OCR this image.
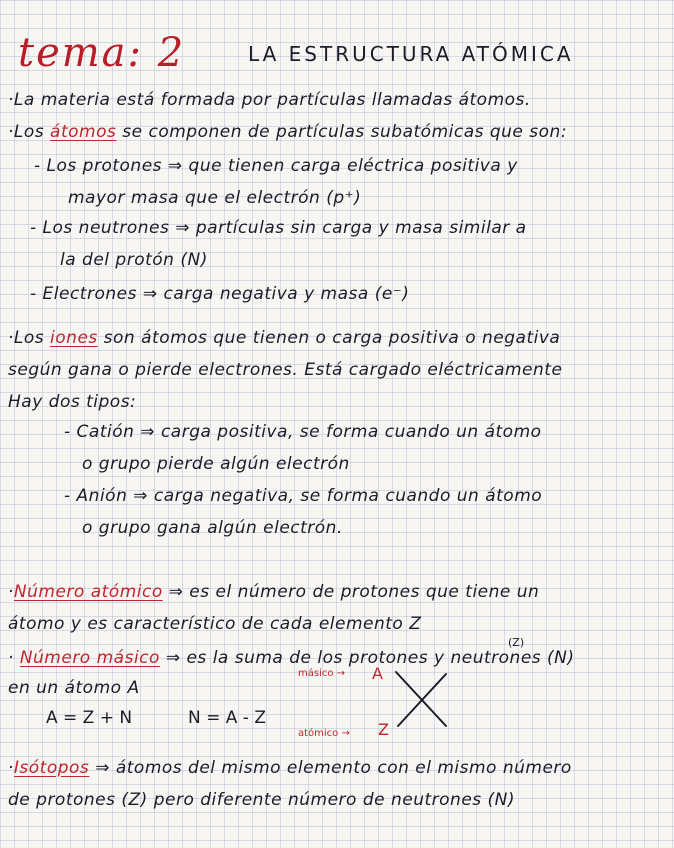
tema: 2	LA ESTRUCTURA ATÓMICA
·La materia está formada por partículas llamadas átomos.
·Los átomos se componen de partículas subatómicas que son:
- Los protones ⇒ que tienen carga eléctrica positiva y
mayor masa que el electrón (p⁺)
- Los neutrones ⇒ partículas sin carga y masa similar a
la del protón (N)
- Electrones ⇒ carga negativa y masa (e⁻)
·Los iones son átomos que tienen o carga positiva o negativa
según gana o pierde electrones. Está cargado eléctricamente
Hay dos tipos:
- Catión ⇒ carga positiva, se forma cuando un átomo
o grupo pierde algún electrón
- Anión ⇒ carga negativa, se forma cuando un átomo
o grupo gana algún electrón.
·Número atómico ⇒ es el número de protones que tiene un
átomo y es característico de cada elemento Z
(Z)
· Número másico ⇒ es la suma de los protones y neutrones (N)
en un átomo A
A = Z + N	N = A - Z
másico → A
atómico → Z
·Isótopos ⇒ átomos del mismo elemento con el mismo número
de protones (Z) pero diferente número de neutrones (N)
